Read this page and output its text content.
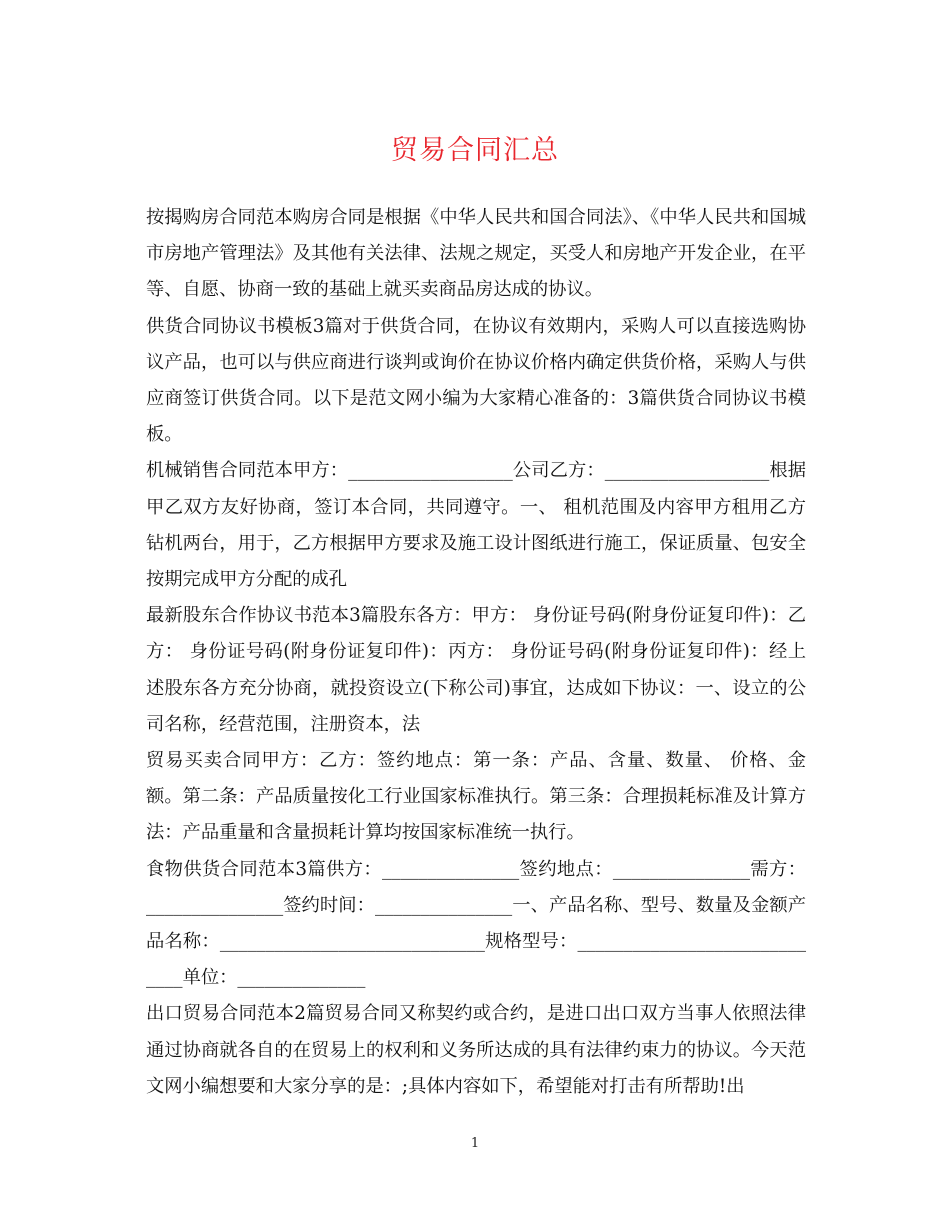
贸易合同汇总

按揭购房合同范本购房合同是根据《中华人民共和国合同法》、《中华人民共和国城市房地产管理法》及其他有关法律、法规之规定，买受人和房地产开发企业，在平等、自愿、协商一致的基础上就买卖商品房达成的协议。

供货合同协议书模板3篇对于供货合同，在协议有效期内，采购人可以直接选购协议产品，也可以与供应商进行谈判或询价在协议价格内确定供货价格，采购人与供应商签订供货合同。以下是范文网小编为大家精心准备的：3篇供货合同协议书模板。

机械销售合同范本甲方：__________________公司乙方：__________________根据甲乙双方友好协商，签订本合同，共同遵守。一、 租机范围及内容甲方租用乙方钻机两台，用于，乙方根据甲方要求及施工设计图纸进行施工，保证质量、包安全按期完成甲方分配的成孔

最新股东合作协议书范本3篇股东各方：甲方： 身份证号码(附身份证复印件)：乙方： 身份证号码(附身份证复印件)：丙方： 身份证号码(附身份证复印件)：经上述股东各方充分协商，就投资设立(下称公司)事宜，达成如下协议：一、设立的公司名称，经营范围，注册资本，法

贸易买卖合同甲方：乙方：签约地点：第一条：产品、含量、数量、 价格、金额。第二条：产品质量按化工行业国家标准执行。第三条：合理损耗标准及计算方法：产品重量和含量损耗计算均按国家标准统一执行。

食物供货合同范本3篇供方：_______________签约地点：_______________需方：_______________签约时间：_______________一、产品名称、型号、数量及金额产品名称：_____________________________规格型号：_____________________________单位：______________

出口贸易合同范本2篇贸易合同又称契约或合约，是进口出口双方当事人依照法律通过协商就各自的在贸易上的权利和义务所达成的具有法律约束力的协议。今天范文网小编想要和大家分享的是：;具体内容如下，希望能对打击有所帮助!出

1
